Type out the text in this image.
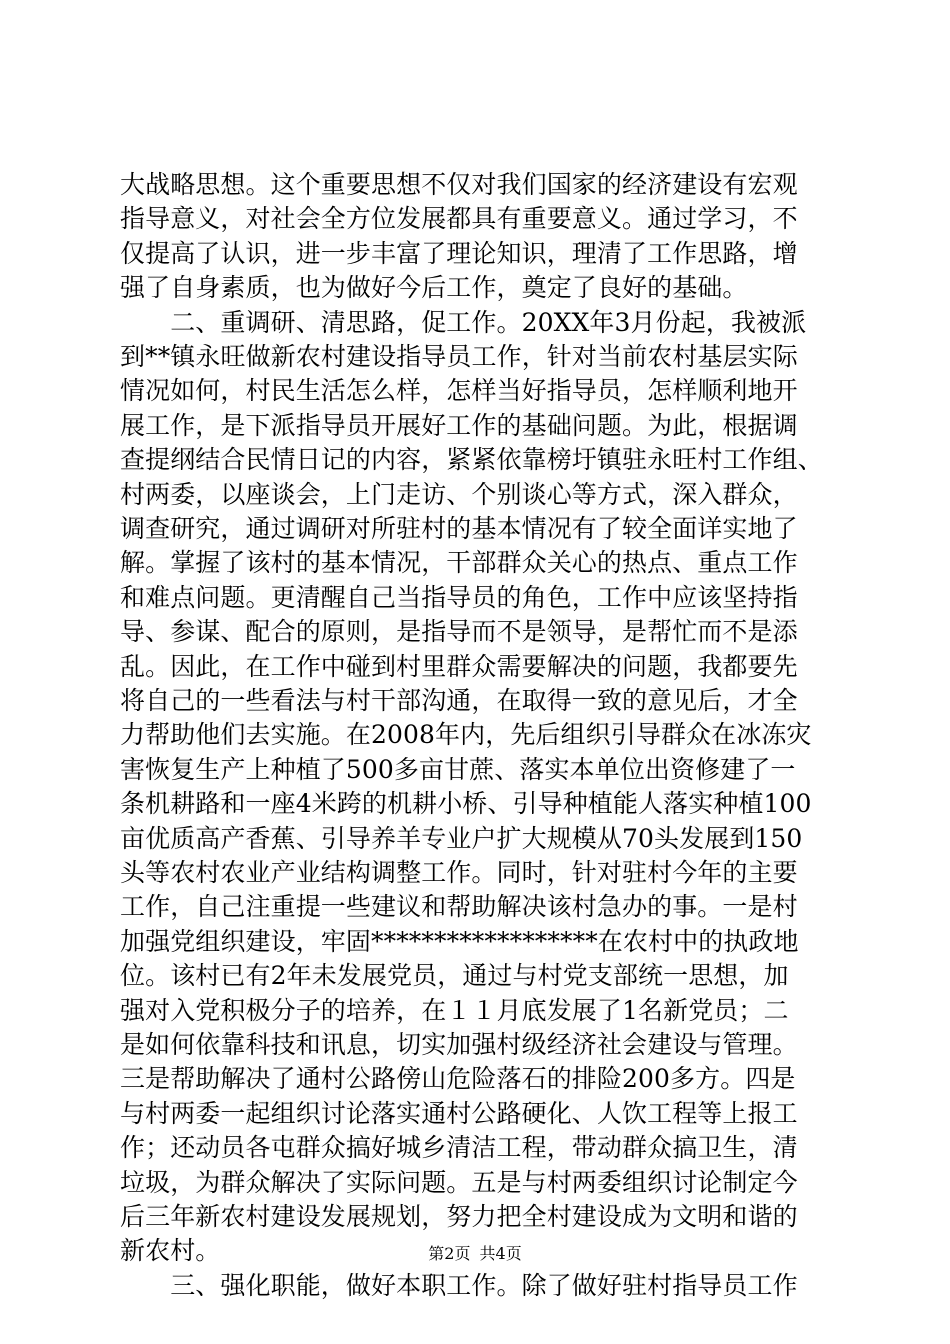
大战略思想。这个重要思想不仅对我们国家的经济建设有宏观
指导意义，对社会全方位发展都具有重要意义。通过学习，不
仅提高了认识，进一步丰富了理论知识，理清了工作思路，增
强了自身素质，也为做好今后工作，奠定了良好的基础。
　　二、重调研、清思路，促工作。20XX年3月份起，我被派
到**镇永旺做新农村建设指导员工作，针对当前农村基层实际
情况如何，村民生活怎么样，怎样当好指导员，怎样顺利地开
展工作，是下派指导员开展好工作的基础问题。为此，根据调
查提纲结合民情日记的内容，紧紧依靠榜圩镇驻永旺村工作组、
村两委，以座谈会，上门走访、个别谈心等方式，深入群众，
调查研究，通过调研对所驻村的基本情况有了较全面详实地了
解。掌握了该村的基本情况，干部群众关心的热点、重点工作
和难点问题。更清醒自己当指导员的角色，工作中应该坚持指
导、参谋、配合的原则，是指导而不是领导，是帮忙而不是添
乱。因此，在工作中碰到村里群众需要解决的问题，我都要先
将自己的一些看法与村干部沟通，在取得一致的意见后，才全
力帮助他们去实施。在2008年内，先后组织引导群众在冰冻灾
害恢复生产上种植了500多亩甘蔗、落实本单位出资修建了一
条机耕路和一座4米跨的机耕小桥、引导种植能人落实种植100
亩优质高产香蕉、引导养羊专业户扩大规模从70头发展到150
头等农村农业产业结构调整工作。同时，针对驻村今年的主要
工作，自己注重提一些建议和帮助解决该村急办的事。一是村
加强党组织建设，牢固******************在农村中的执政地
位。该村已有2年未发展党员，通过与村党支部统一思想，加
强对入党积极分子的培养，在１１月底发展了1名新党员；二
是如何依靠科技和讯息，切实加强村级经济社会建设与管理。
三是帮助解决了通村公路傍山危险落石的排险200多方。四是
与村两委一起组织讨论落实通村公路硬化、人饮工程等上报工
作；还动员各屯群众搞好城乡清洁工程，带动群众搞卫生，清
垃圾，为群众解决了实际问题。五是与村两委组织讨论制定今
后三年新农村建设发展规划，努力把全村建设成为文明和谐的
新农村。
　　三、强化职能，做好本职工作。除了做好驻村指导员工作
第2页 共4页
